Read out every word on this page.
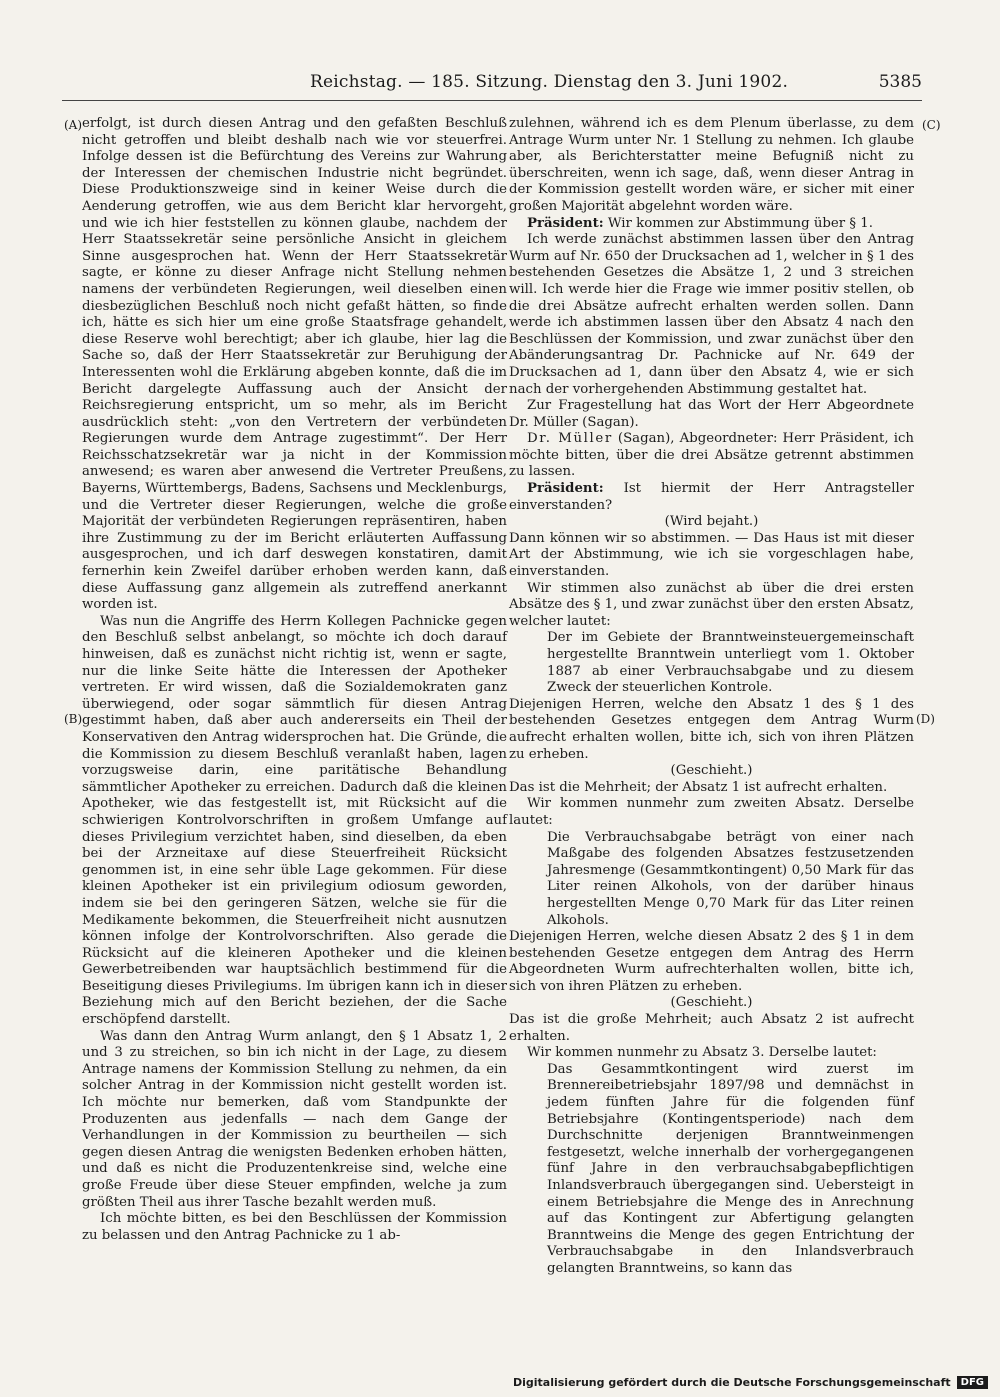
Reichstag. — 185. Sitzung. Dienstag den 3. Juni 1902.	5385
(A)
(B)
(C)
(D)

erfolgt, ist durch diesen Antrag und den gefaßten Beschluß nicht getroffen und bleibt deshalb nach wie vor steuerfrei. Infolge dessen ist die Befürchtung des Vereins zur Wahrung der Interessen der chemischen Industrie nicht begründet. Diese Produktionszweige sind in keiner Weise durch die Aenderung getroffen, wie aus dem Bericht klar hervorgeht, und wie ich hier feststellen zu können glaube, nachdem der Herr Staatssekretär seine persönliche Ansicht in gleichem Sinne ausgesprochen hat. Wenn der Herr Staatssekretär sagte, er könne zu dieser Anfrage nicht Stellung nehmen namens der verbündeten Regierungen, weil dieselben einen diesbezüglichen Beschluß noch nicht gefaßt hätten, so finde ich, hätte es sich hier um eine große Staatsfrage gehandelt, diese Reserve wohl berechtigt; aber ich glaube, hier lag die Sache so, daß der Herr Staatssekretär zur Beruhigung der Interessenten wohl die Erklärung abgeben konnte, daß die im Bericht dargelegte Auffassung auch der Ansicht der Reichsregierung entspricht, um so mehr, als im Bericht ausdrücklich steht: „von den Vertretern der verbündeten Regierungen wurde dem Antrage zugestimmt“. Der Herr Reichsschatzsekretär war ja nicht in der Kommission anwesend; es waren aber anwesend die Vertreter Preußens, Bayerns, Württembergs, Badens, Sachsens und Mecklenburgs, und die Vertreter dieser Regierungen, welche die große Majorität der verbündeten Regierungen repräsentiren, haben ihre Zustimmung zu der im Bericht erläuterten Auffassung ausgesprochen, und ich darf deswegen konstatiren, damit fernerhin kein Zweifel darüber erhoben werden kann, daß diese Auffassung ganz allgemein als zutreffend anerkannt worden ist.

Was nun die Angriffe des Herrn Kollegen Pachnicke gegen den Beschluß selbst anbelangt, so möchte ich doch darauf hinweisen, daß es zunächst nicht richtig ist, wenn er sagte, nur die linke Seite hätte die Interessen der Apotheker vertreten. Er wird wissen, daß die Sozialdemokraten ganz überwiegend, oder sogar sämmtlich für diesen Antrag gestimmt haben, daß aber auch andererseits ein Theil der Konservativen den Antrag widersprochen hat. Die Gründe, die die Kommission zu diesem Beschluß veranlaßt haben, lagen vorzugsweise darin, eine paritätische Behandlung sämmtlicher Apotheker zu erreichen. Dadurch daß die kleinen Apotheker, wie das festgestellt ist, mit Rücksicht auf die schwierigen Kontrolvorschriften in großem Umfange auf dieses Privilegium verzichtet haben, sind dieselben, da eben bei der Arzneitaxe auf diese Steuerfreiheit Rücksicht genommen ist, in eine sehr üble Lage gekommen. Für diese kleinen Apotheker ist ein privilegium odiosum geworden, indem sie bei den geringeren Sätzen, welche sie für die Medikamente bekommen, die Steuerfreiheit nicht ausnutzen können infolge der Kontrolvorschriften. Also gerade die Rücksicht auf die kleineren Apotheker und die kleinen Gewerbetreibenden war hauptsächlich bestimmend für die Beseitigung dieses Privilegiums. Im übrigen kann ich in dieser Beziehung mich auf den Bericht beziehen, der die Sache erschöpfend darstellt.

Was dann den Antrag Wurm anlangt, den § 1 Absatz 1, 2 und 3 zu streichen, so bin ich nicht in der Lage, zu diesem Antrage namens der Kommission Stellung zu nehmen, da ein solcher Antrag in der Kommission nicht gestellt worden ist. Ich möchte nur bemerken, daß vom Standpunkte der Produzenten aus jedenfalls — nach dem Gange der Verhandlungen in der Kommission zu beurtheilen — sich gegen diesen Antrag die wenigsten Bedenken erhoben hätten, und daß es nicht die Produzentenkreise sind, welche eine große Freude über diese Steuer empfinden, welche ja zum größten Theil aus ihrer Tasche bezahlt werden muß.

Ich möchte bitten, es bei den Beschlüssen der Kommission zu belassen und den Antrag Pachnicke zu 1 ab-

zulehnen, während ich es dem Plenum überlasse, zu dem Antrage Wurm unter Nr. 1 Stellung zu nehmen. Ich glaube aber, als Berichterstatter meine Befugniß nicht zu überschreiten, wenn ich sage, daß, wenn dieser Antrag in der Kommission gestellt worden wäre, er sicher mit einer großen Majorität abgelehnt worden wäre.

Präsident: Wir kommen zur Abstimmung über § 1.

Ich werde zunächst abstimmen lassen über den Antrag Wurm auf Nr. 650 der Drucksachen ad 1, welcher in § 1 des bestehenden Gesetzes die Absätze 1, 2 und 3 streichen will. Ich werde hier die Frage wie immer positiv stellen, ob die drei Absätze aufrecht erhalten werden sollen. Dann werde ich abstimmen lassen über den Absatz 4 nach den Beschlüssen der Kommission, und zwar zunächst über den Abänderungsantrag Dr. Pachnicke auf Nr. 649 der Drucksachen ad 1, dann über den Absatz 4, wie er sich nach der vorhergehenden Abstimmung gestaltet hat.

Zur Fragestellung hat das Wort der Herr Abgeordnete Dr. Müller (Sagan).

Dr. Müller (Sagan), Abgeordneter: Herr Präsident, ich möchte bitten, über die drei Absätze getrennt abstimmen zu lassen.

Präsident: Ist hiermit der Herr Antragsteller einverstanden?

(Wird bejaht.)

Dann können wir so abstimmen. — Das Haus ist mit dieser Art der Abstimmung, wie ich sie vorgeschlagen habe, einverstanden.

Wir stimmen also zunächst ab über die drei ersten Absätze des § 1, und zwar zunächst über den ersten Absatz, welcher lautet:

Der im Gebiete der Branntweinsteuergemeinschaft hergestellte Branntwein unterliegt vom 1. Oktober 1887 ab einer Verbrauchsabgabe und zu diesem Zweck der steuerlichen Kontrole.

Diejenigen Herren, welche den Absatz 1 des § 1 des bestehenden Gesetzes entgegen dem Antrag Wurm aufrecht erhalten wollen, bitte ich, sich von ihren Plätzen zu erheben.

(Geschieht.)

Das ist die Mehrheit; der Absatz 1 ist aufrecht erhalten.

Wir kommen nunmehr zum zweiten Absatz. Derselbe lautet:

Die Verbrauchsabgabe beträgt von einer nach Maßgabe des folgenden Absatzes festzusetzenden Jahresmenge (Gesammtkontingent) 0,50 Mark für das Liter reinen Alkohols, von der darüber hinaus hergestellten Menge 0,70 Mark für das Liter reinen Alkohols.

Diejenigen Herren, welche diesen Absatz 2 des § 1 in dem bestehenden Gesetze entgegen dem Antrag des Herrn Abgeordneten Wurm aufrechterhalten wollen, bitte ich, sich von ihren Plätzen zu erheben.

(Geschieht.)

Das ist die große Mehrheit; auch Absatz 2 ist aufrecht erhalten.

Wir kommen nunmehr zu Absatz 3. Derselbe lautet:

Das Gesammtkontingent wird zuerst im Brennereibetriebsjahr 1897/98 und demnächst in jedem fünften Jahre für die folgenden fünf Betriebsjahre (Kontingentsperiode) nach dem Durchschnitte derjenigen Branntweinmengen festgesetzt, welche innerhalb der vorhergegangenen fünf Jahre in den verbrauchsabgabepflichtigen Inlandsverbrauch übergegangen sind. Uebersteigt in einem Betriebsjahre die Menge des in Anrechnung auf das Kontingent zur Abfertigung gelangten Branntweins die Menge des gegen Entrichtung der Verbrauchsabgabe in den Inlandsverbrauch gelangten Branntweins, so kann das

Digitalisierung gefördert durch die Deutsche Forschungsgemeinschaft	DFG
